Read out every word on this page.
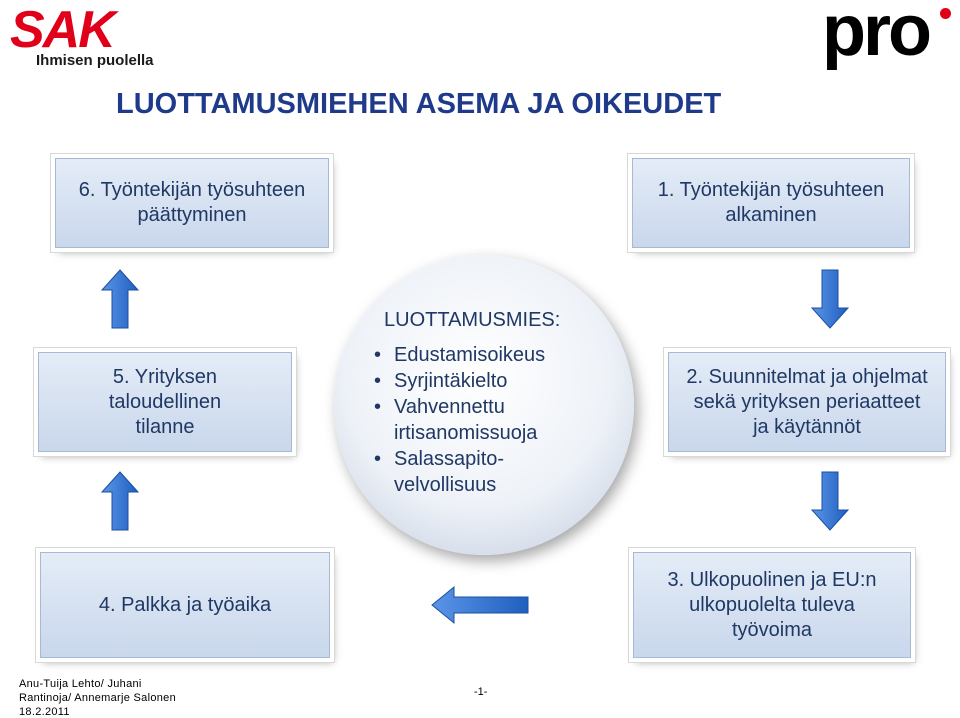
SAK
Ihmisen puolella	pro
LUOTTAMUSMIEHEN ASEMA JA OIKEUDET
6. Työntekijän työsuhteen
päättyminen
1. Työntekijän työsuhteen
alkaminen
5. Yrityksen
taloudellinen
tilanne
2. Suunnitelmat ja ohjelmat
sekä yrityksen periaatteet
ja käytännöt
4. Palkka ja työaika
3. Ulkopuolinen ja EU:n
ulkopuolelta tuleva
työvoima
LUOTTAMUSMIES:
• Edustamisoikeus
• Syrjintäkielto
• Vahvennettu
irtisanomissuoja
• Salassapito-
velvollisuus
Anu-Tuija Lehto/ Juhani
Rantinoja/ Annemarje Salonen
18.2.2011
-1-
